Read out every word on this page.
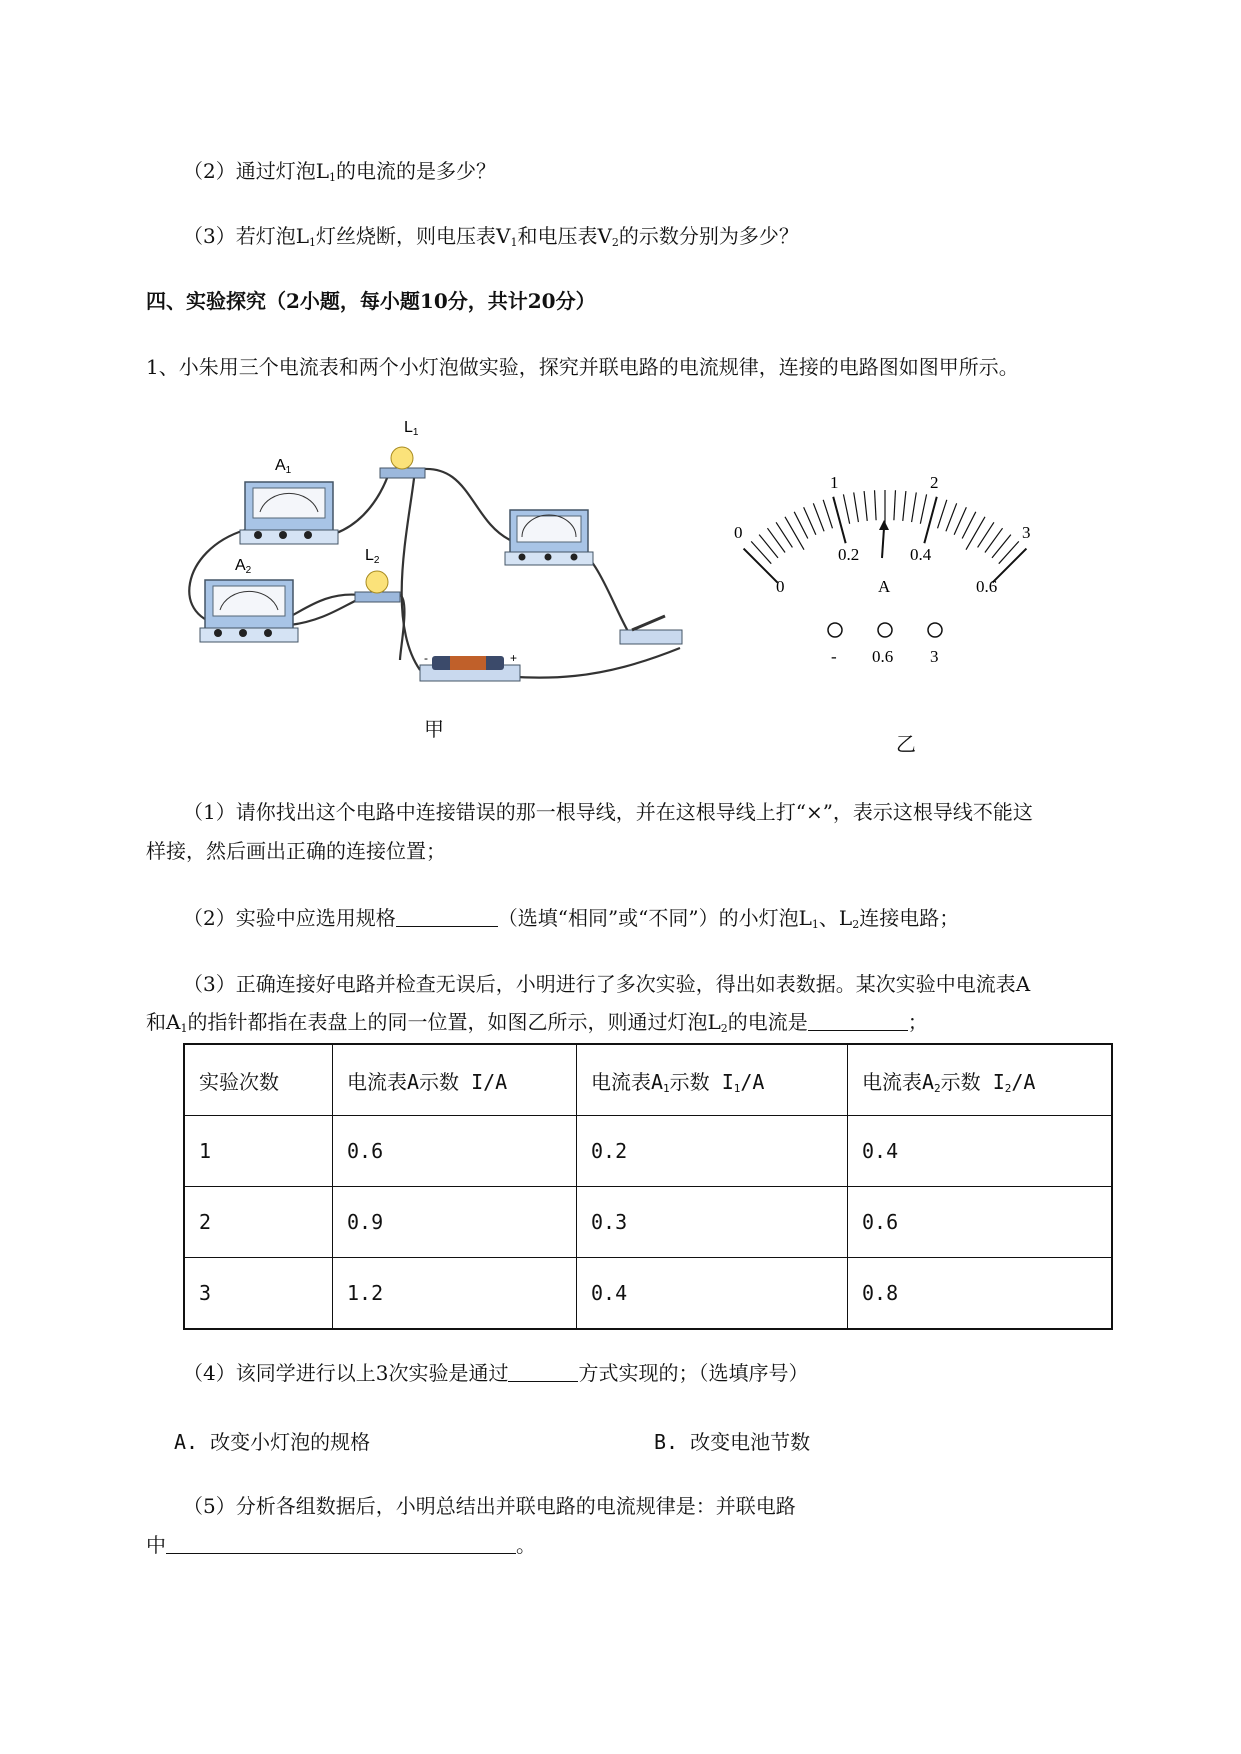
（2）通过灯泡$L_1$的电流的是多少？
（3）若灯泡$L_1$灯丝烧断，则电压表$V_1$和电压表$V_2$的示数分别为多少？
四、实验探究（2小题，每小题10分，共计20分）
1、小朱用三个电流表和两个小灯泡做实验，探究并联电路的电流规律，连接的电路图如图甲所示。
A1
A2
L1
L2
-	+
甲
0
1	2
3
0
0.2	0.4
0.6
A
- 0.6 3
乙
（1）请你找出这个电路中连接错误的那一根导线，并在这根导线上打“×”，表示这根导线不能这
样接，然后画出正确的连接位置；
（2）实验中应选用规格	（选填“相同”或“不同”）的小灯泡$L_1$、$L_2$连接电路；
（3）正确连接好电路并检查无误后，小明进行了多次实验，得出如表数据。某次实验中电流表A
和$A_1$的指针都指在表盘上的同一位置，如图乙所示，则通过灯泡$L_2$的电流是	；
实验次数	电流表A示数 I/A	电流表$A_1$示数 $I_1/A$	电流表$A_2$示数 $I_2/A$
1	0.6	0.2	0.4
2	0.9	0.3	0.6
3	1.2	0.4	0.8
（4）该同学进行以上3次实验是通过	方式实现的；（选填序号）
A. 改变小灯泡的规格	B. 改变电池节数
（5）分析各组数据后，小明总结出并联电路的电流规律是：并联电路
中	。
